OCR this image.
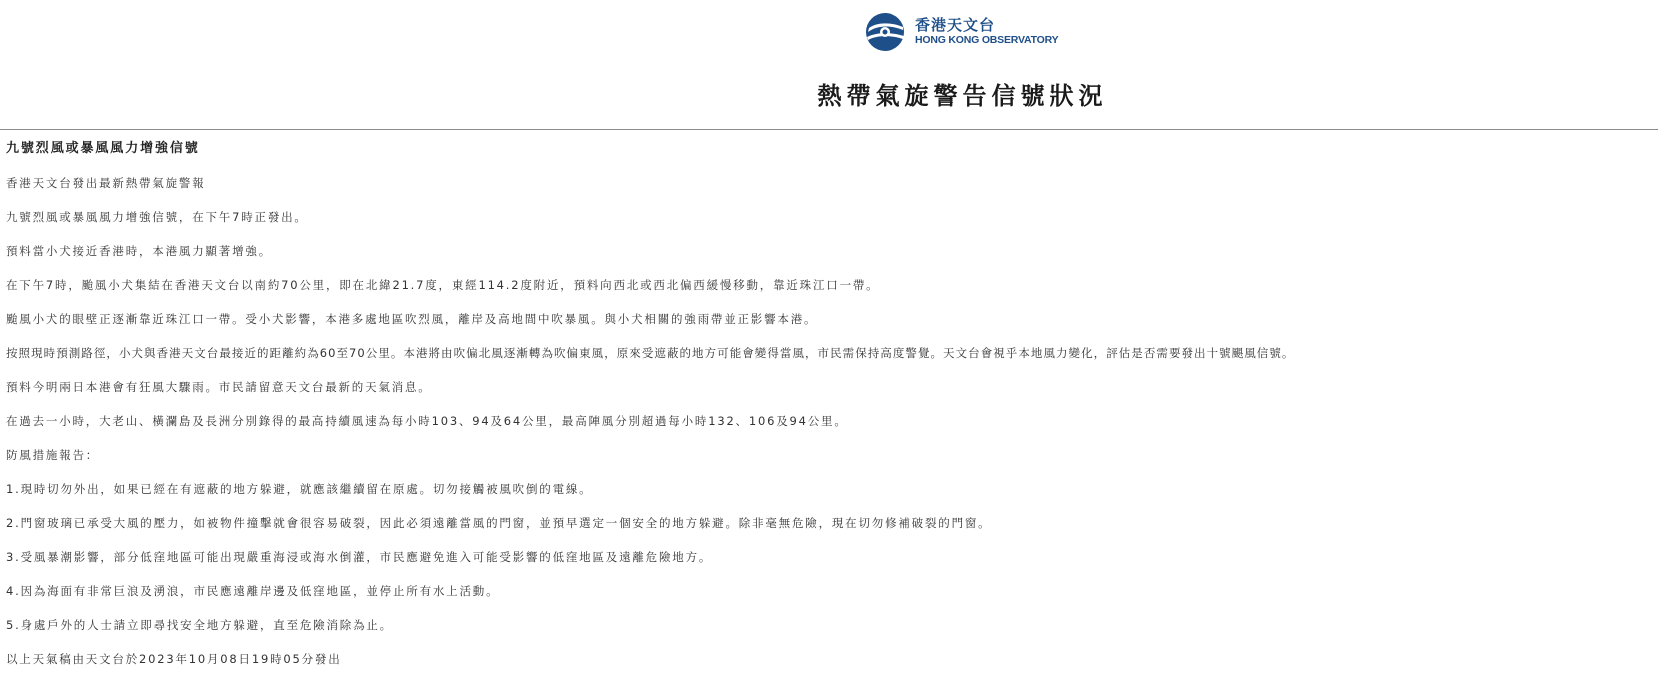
香港天文台
HONG KONG OBSERVATORY
熱帶氣旋警告信號狀況

九號烈風或暴風風力增強信號

香港天文台發出最新熱帶氣旋警報

九號烈風或暴風風力增強信號，在下午7時正發出。

預料當小犬接近香港時，本港風力顯著增強。

在下午7時，颱風小犬集結在香港天文台以南約70公里，即在北緯21.7度，東經114.2度附近，預料向西北或西北偏西緩慢移動，靠近珠江口一帶。

颱風小犬的眼壁正逐漸靠近珠江口一帶。受小犬影響，本港多處地區吹烈風，離岸及高地間中吹暴風。與小犬相關的強雨帶並正影響本港。

按照現時預測路徑，小犬與香港天文台最接近的距離約為60至70公里。本港將由吹偏北風逐漸轉為吹偏東風，原來受遮蔽的地方可能會變得當風，市民需保持高度警覺。天文台會視乎本地風力變化，評估是否需要發出十號颶風信號。

預料今明兩日本港會有狂風大驟雨。市民請留意天文台最新的天氣消息。

在過去一小時，大老山、橫瀾島及長洲分別錄得的最高持續風速為每小時103、94及64公里，最高陣風分別超過每小時132、106及94公里。

防風措施報告：

1.現時切勿外出，如果已經在有遮蔽的地方躲避，就應該繼續留在原處。切勿接觸被風吹倒的電線。

2.門窗玻璃已承受大風的壓力，如被物件撞擊就會很容易破裂，因此必須遠離當風的門窗，並預早選定一個安全的地方躲避。除非毫無危險，現在切勿修補破裂的門窗。

3.受風暴潮影響，部分低窪地區可能出現嚴重海浸或海水倒灌，市民應避免進入可能受影響的低窪地區及遠離危險地方。

4.因為海面有非常巨浪及湧浪，市民應遠離岸邊及低窪地區，並停止所有水上活動。

5.身處戶外的人士請立即尋找安全地方躲避，直至危險消除為止。

以上天氣稿由天文台於2023年10月08日19時05分發出
